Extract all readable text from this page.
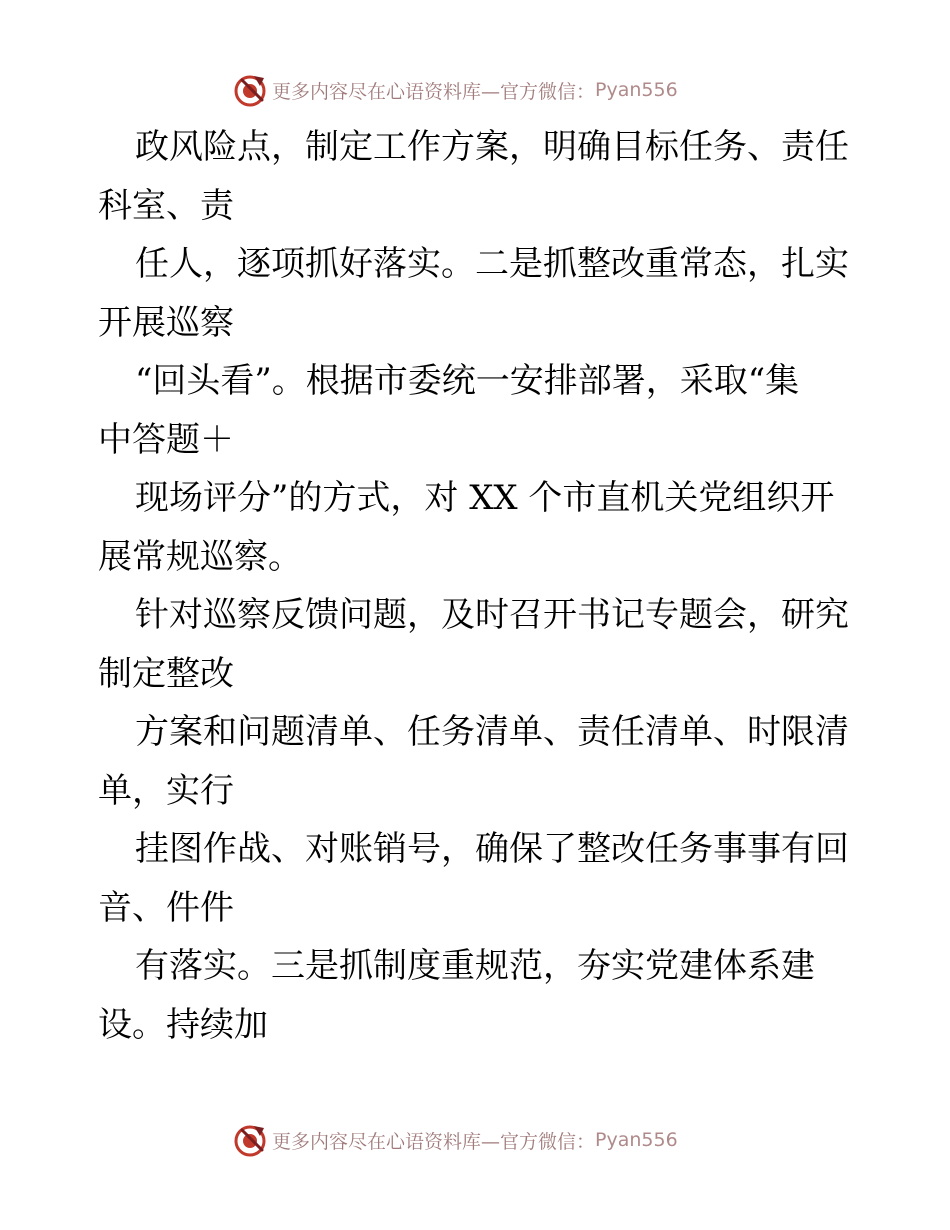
更多内容尽在心语资料库—官方微信： Pyan556

政风险点，制定工作方案，明确目标任务、责任

科室、责

任人，逐项抓好落实。二是抓整改重常态，扎实

开展巡察

“回头看”。根据市委统一安排部署，采取“集

中答题＋

现场评分”的方式，对 XX 个市直机关党组织开

展常规巡察。

针对巡察反馈问题，及时召开书记专题会，研究

制定整改

方案和问题清单、任务清单、责任清单、时限清

单，实行

挂图作战、对账销号，确保了整改任务事事有回

音、件件

有落实。三是抓制度重规范，夯实党建体系建

设。持续加

更多内容尽在心语资料库—官方微信： Pyan556
